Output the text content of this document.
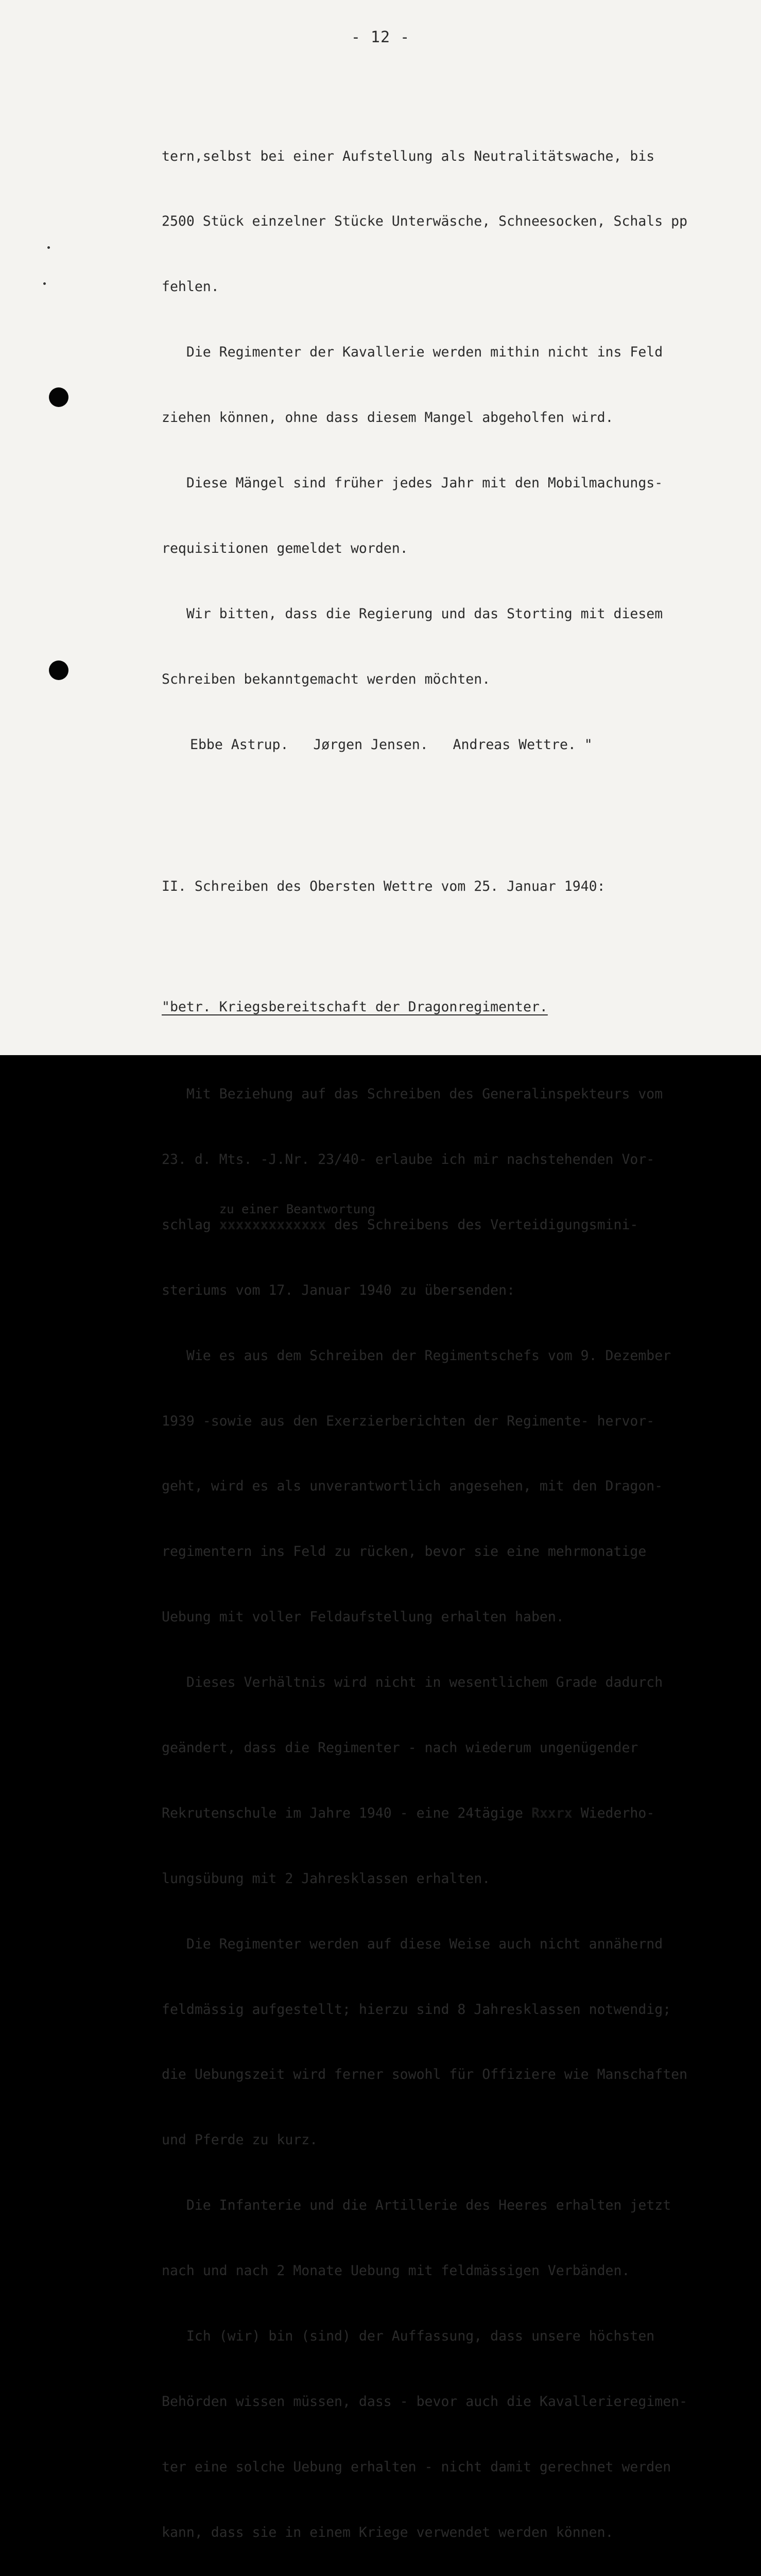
- 12 -

tern,selbst bei einer Aufstellung als Neutralitätswache, bis

2500 Stück einzelner Stücke Unterwäsche, Schneesocken, Schals pp

fehlen.

Die Regimenter der Kavallerie werden mithin nicht ins Feld

ziehen können, ohne dass diesem Mangel abgeholfen wird.

Diese Mängel sind früher jedes Jahr mit den Mobilmachungs-

requisitionen gemeldet worden.

Wir bitten, dass die Regierung und das Storting mit diesem

Schreiben bekanntgemacht werden möchten.

Ebbe Astrup.   Jørgen Jensen.   Andreas Wettre. "

II. Schreiben des Obersten Wettre vom 25. Januar 1940:

"betr. Kriegsbereitschaft der Dragonregimenter.

Mit Beziehung auf das Schreiben des Generalinspekteurs vom

23. d. Mts. -J.Nr. 23/40- erlaube ich mir nachstehenden Vor-

schlag
zu einer Beantwortung
xxxxxxxxxxxxx des Schreibens des Verteidigungsmini-

steriums vom 17. Januar 1940 zu übersenden:

Wie es aus dem Schreiben der Regimentschefs vom 9. Dezember

1939 -sowie aus den Exerzierberichten der Regimente- hervor-

geht, wird es als unverantwortlich angesehen, mit den Dragon-

regimentern ins Feld zu rücken, bevor sie eine mehrmonatige

Uebung mit voller Feldaufstellung erhalten haben.

Dieses Verhältnis wird nicht in wesentlichem Grade dadurch

geändert, dass die Regimenter - nach wiederum ungenügender

Rekrutenschule im Jahre 1940 - eine 24tägige Rxxrx Wiederho-

lungsübung mit 2 Jahresklassen erhalten.

Die Regimenter werden auf diese Weise auch nicht annähernd

feldmässig aufgestellt; hierzu sind 8 Jahresklassen notwendig;

die Uebungszeit wird ferner sowohl für Offiziere wie Manschaften

und Pferde zu kurz.

Die Infanterie und die Artillerie des Heeres erhalten jetzt

nach und nach 2 Monate Uebung mit feldmässigen Verbänden.

Ich (wir) bin (sind) der Auffassung, dass unsere höchsten

Behörden wissen müssen, dass - bevor auch die Kavallerieregimen-

ter eine solche Uebung erhalten - nicht damit gerechnet werden

kann, dass sie in einem Kriege verwendet werden können.
